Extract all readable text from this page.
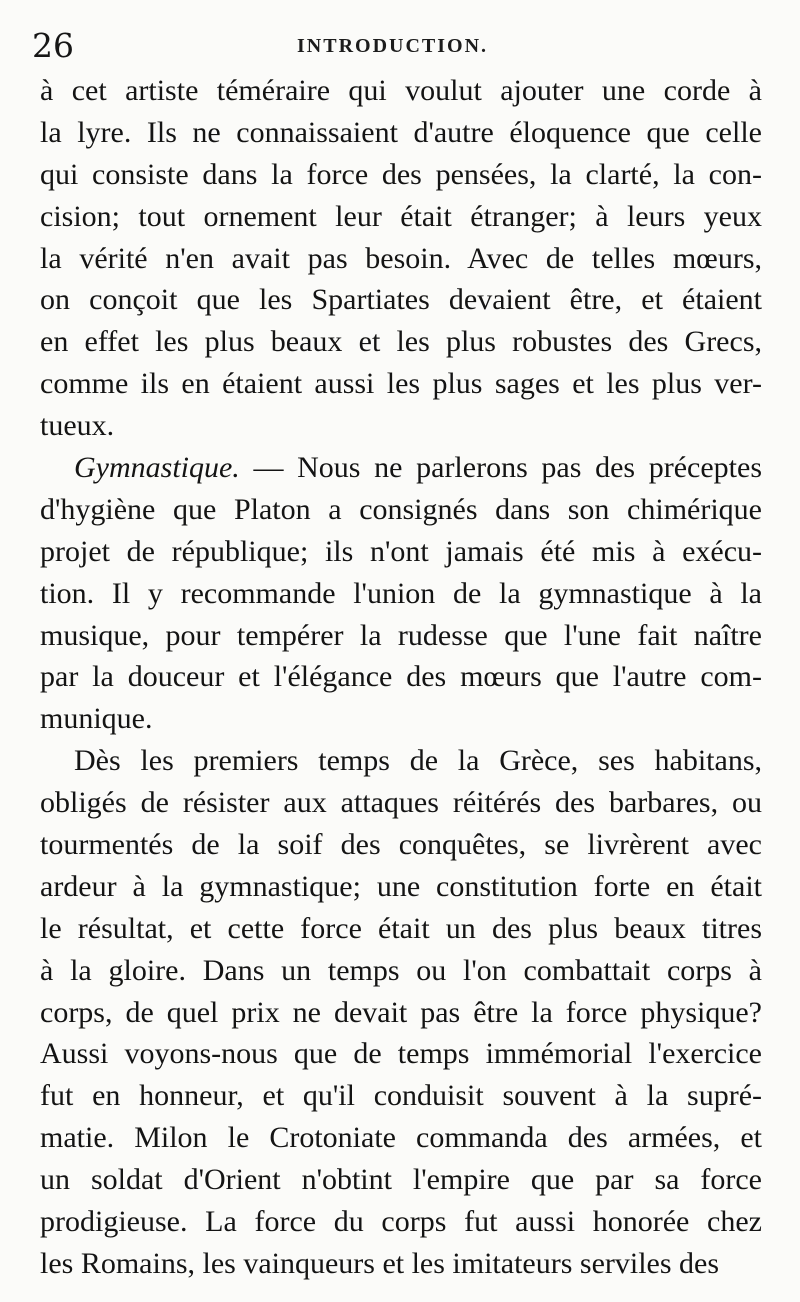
26	INTRODUCTION.
à cet artiste téméraire qui voulut ajouter une corde à
la lyre. Ils ne connaissaient d'autre éloquence que celle
qui consiste dans la force des pensées, la clarté, la con-
cision; tout ornement leur était étranger; à leurs yeux
la vérité n'en avait pas besoin. Avec de telles mœurs,
on conçoit que les Spartiates devaient être, et étaient
en effet les plus beaux et les plus robustes des Grecs,
comme ils en étaient aussi les plus sages et les plus ver-
tueux.
Gymnastique. — Nous ne parlerons pas des préceptes
d'hygiène que Platon a consignés dans son chimérique
projet de république; ils n'ont jamais été mis à exécu-
tion. Il y recommande l'union de la gymnastique à la
musique, pour tempérer la rudesse que l'une fait naître
par la douceur et l'élégance des mœurs que l'autre com-
munique.
Dès les premiers temps de la Grèce, ses habitans,
obligés de résister aux attaques réitérés des barbares, ou
tourmentés de la soif des conquêtes, se livrèrent avec
ardeur à la gymnastique; une constitution forte en était
le résultat, et cette force était un des plus beaux titres
à la gloire. Dans un temps ou l'on combattait corps à
corps, de quel prix ne devait pas être la force physique?
Aussi voyons-nous que de temps immémorial l'exercice
fut en honneur, et qu'il conduisit souvent à la supré-
matie. Milon le Crotoniate commanda des armées, et
un soldat d'Orient n'obtint l'empire que par sa force
prodigieuse. La force du corps fut aussi honorée chez
les Romains, les vainqueurs et les imitateurs serviles des
